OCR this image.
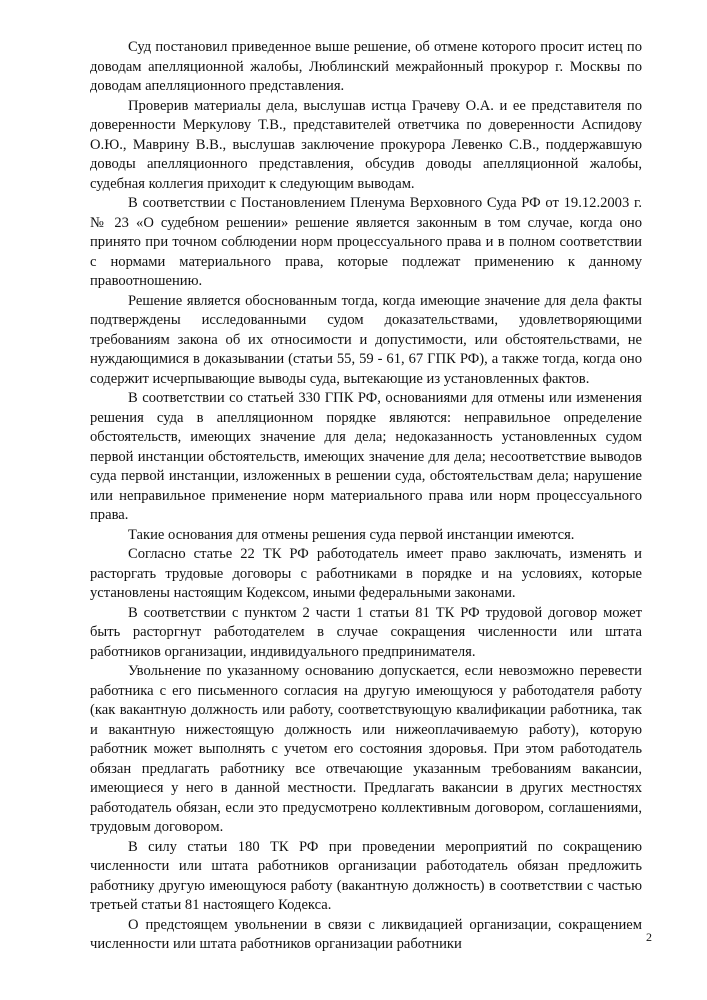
Суд постановил приведенное выше решение, об отмене которого просит истец по доводам апелляционной жалобы, Люблинский межрайонный прокурор г. Москвы по доводам апелляционного представления.

Проверив материалы дела, выслушав истца Грачеву О.А. и ее представителя по доверенности Меркулову Т.В., представителей ответчика по доверенности Аспидову О.Ю., Маврину В.В., выслушав заключение прокурора Левенко С.В., поддержавшую доводы апелляционного представления, обсудив доводы апелляционной жалобы, судебная коллегия приходит к следующим выводам.

В соответствии с Постановлением Пленума Верховного Суда РФ от 19.12.2003 г. № 23 «О судебном решении» решение является законным в том случае, когда оно принято при точном соблюдении норм процессуального права и в полном соответствии с нормами материального права, которые подлежат применению к данному правоотношению.

Решение является обоснованным тогда, когда имеющие значение для дела факты подтверждены исследованными судом доказательствами, удовлетворяющими требованиям закона об их относимости и допустимости, или обстоятельствами, не нуждающимися в доказывании (статьи 55, 59 - 61, 67 ГПК РФ), а также тогда, когда оно содержит исчерпывающие выводы суда, вытекающие из установленных фактов.

В соответствии со статьей 330 ГПК РФ, основаниями для отмены или изменения решения суда в апелляционном порядке являются: неправильное определение обстоятельств, имеющих значение для дела; недоказанность установленных судом первой инстанции обстоятельств, имеющих значение для дела; несоответствие выводов суда первой инстанции, изложенных в решении суда, обстоятельствам дела; нарушение или неправильное применение норм материального права или норм процессуального права.

Такие основания для отмены решения суда первой инстанции имеются.

Согласно статье 22 ТК РФ работодатель имеет право заключать, изменять и расторгать трудовые договоры с работниками в порядке и на условиях, которые установлены настоящим Кодексом, иными федеральными законами.

В соответствии с пунктом 2 части 1 статьи 81 ТК РФ трудовой договор может быть расторгнут работодателем в случае сокращения численности или штата работников организации, индивидуального предпринимателя.

Увольнение по указанному основанию допускается, если невозможно перевести работника с его письменного согласия на другую имеющуюся у работодателя работу (как вакантную должность или работу, соответствующую квалификации работника, так и вакантную нижестоящую должность или нижеоплачиваемую работу), которую работник может выполнять с учетом его состояния здоровья. При этом работодатель обязан предлагать работнику все отвечающие указанным требованиям вакансии, имеющиеся у него в данной местности. Предлагать вакансии в других местностях работодатель обязан, если это предусмотрено коллективным договором, соглашениями, трудовым договором.

В силу статьи 180 ТК РФ при проведении мероприятий по сокращению численности или штата работников организации работодатель обязан предложить работнику другую имеющуюся работу (вакантную должность) в соответствии с частью третьей статьи 81 настоящего Кодекса.

О предстоящем увольнении в связи с ликвидацией организации, сокращением численности или штата работников организации работники	2
